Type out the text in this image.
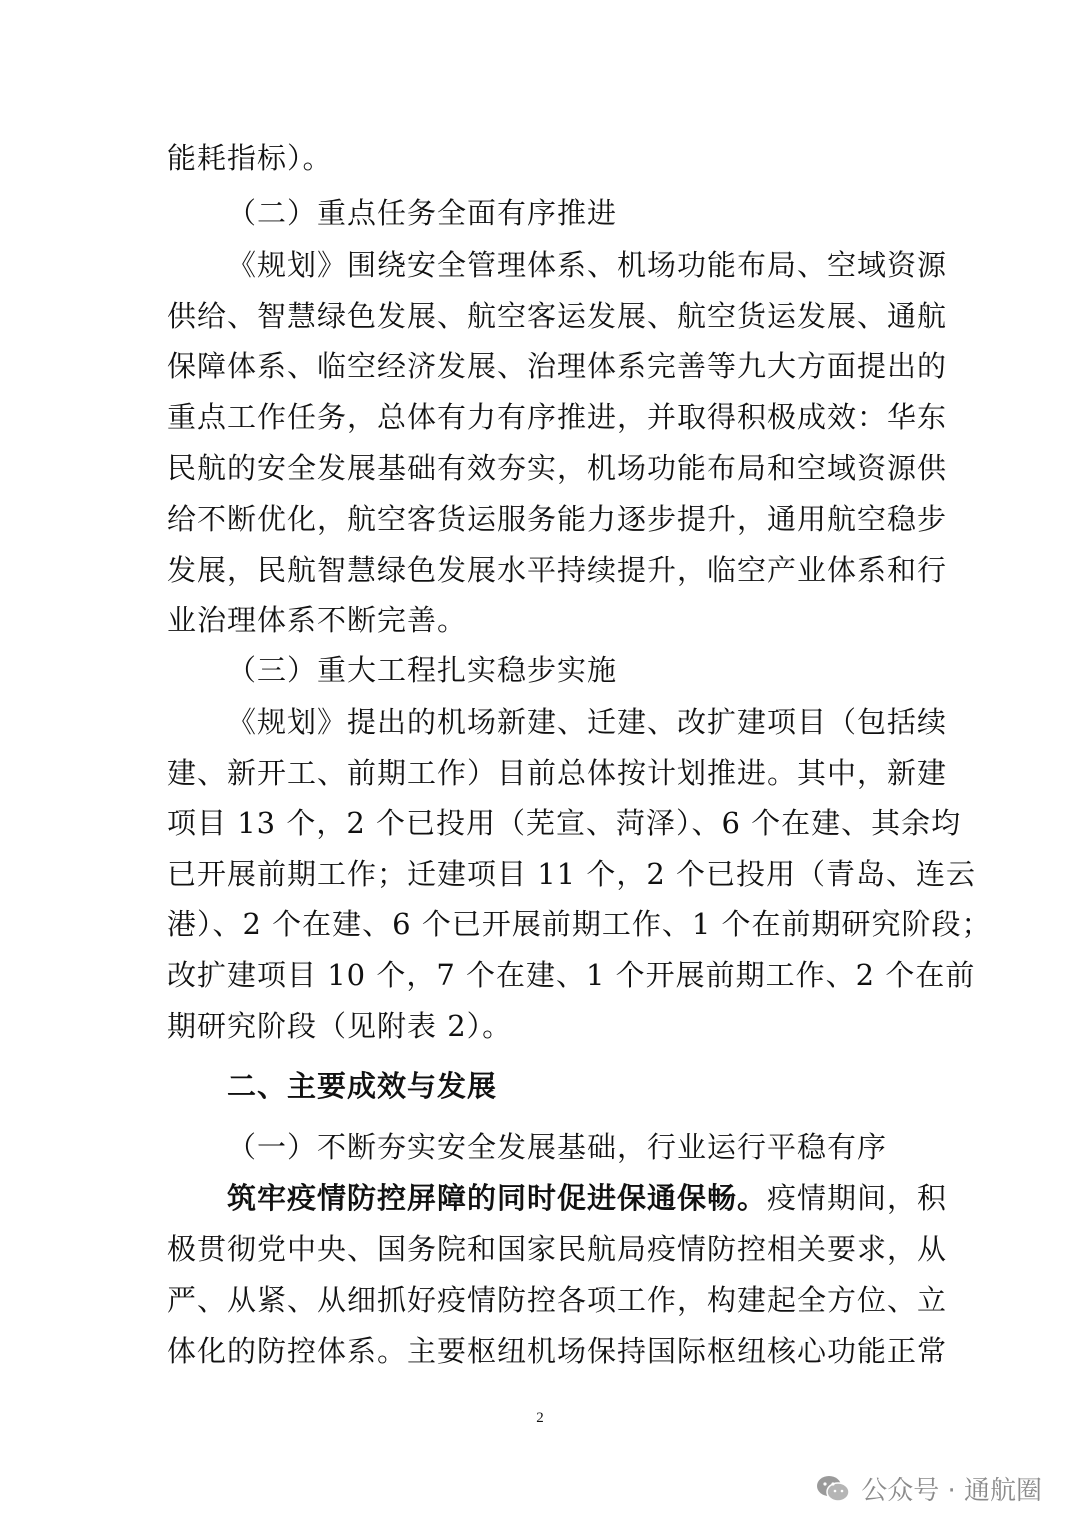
能耗指标）。
（二）重点任务全面有序推进
《规划》围绕安全管理体系、机场功能布局、空域资源
供给、智慧绿色发展、航空客运发展、航空货运发展、通航
保障体系、临空经济发展、治理体系完善等九大方面提出的
重点工作任务，总体有力有序推进，并取得积极成效：华东
民航的安全发展基础有效夯实，机场功能布局和空域资源供
给不断优化，航空客货运服务能力逐步提升，通用航空稳步
发展，民航智慧绿色发展水平持续提升，临空产业体系和行
业治理体系不断完善。
（三）重大工程扎实稳步实施
《规划》提出的机场新建、迁建、改扩建项目（包括续
建、新开工、前期工作）目前总体按计划推进。其中，新建
项目 13 个，2 个已投用（芜宣、菏泽）、6 个在建、其余均
已开展前期工作；迁建项目 11 个，2 个已投用（青岛、连云
港）、2 个在建、6 个已开展前期工作、1 个在前期研究阶段；
改扩建项目 10 个，7 个在建、1 个开展前期工作、2 个在前
期研究阶段（见附表 2）。
二、主要成效与发展
（一）不断夯实安全发展基础，行业运行平稳有序
筑牢疫情防控屏障的同时促进保通保畅。疫情期间，积
极贯彻党中央、国务院和国家民航局疫情防控相关要求，从
严、从紧、从细抓好疫情防控各项工作，构建起全方位、立
体化的防控体系。主要枢纽机场保持国际枢纽核心功能正常
2
公众号 · 通航圈
